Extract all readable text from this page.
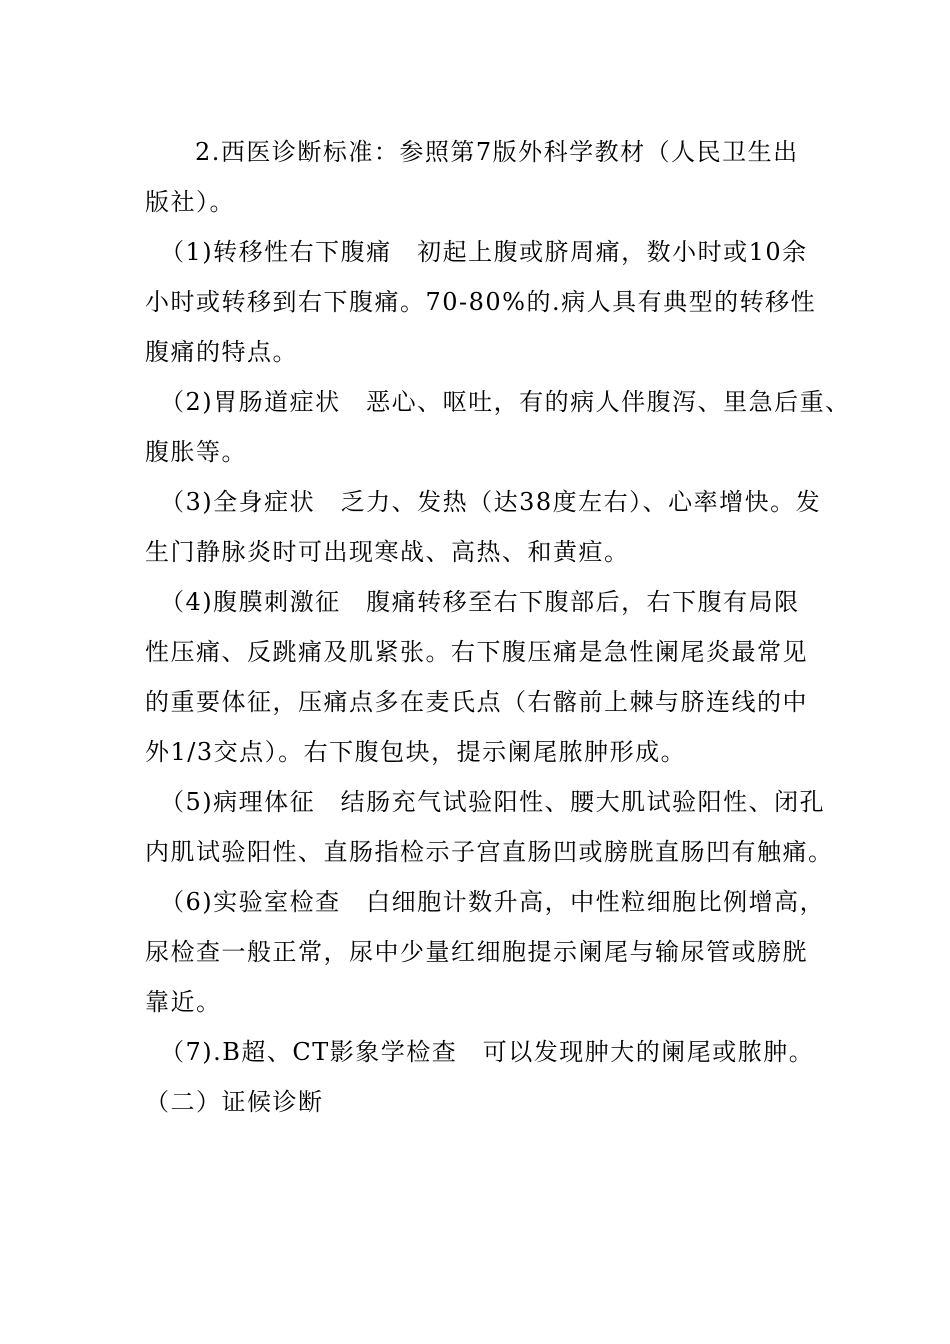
2.西医诊断标准：参照第7版外科学教材（人民卫生出
版社）。
（1)转移性右下腹痛　初起上腹或脐周痛，数小时或10余
小时或转移到右下腹痛。70-80%的.病人具有典型的转移性
腹痛的特点。
（2)胃肠道症状　恶心、呕吐，有的病人伴腹泻、里急后重、
腹胀等。
（3)全身症状　乏力、发热（达38度左右）、心率增快。发
生门静脉炎时可出现寒战、高热、和黄疸。
（4)腹膜刺激征　腹痛转移至右下腹部后，右下腹有局限
性压痛、反跳痛及肌紧张。右下腹压痛是急性阑尾炎最常见
的重要体征，压痛点多在麦氏点（右髂前上棘与脐连线的中
外1/3交点）。右下腹包块，提示阑尾脓肿形成。
（5)病理体征　结肠充气试验阳性、腰大肌试验阳性、闭孔
内肌试验阳性、直肠指检示子宫直肠凹或膀胱直肠凹有触痛。
（6)实验室检查　白细胞计数升高，中性粒细胞比例增高，
尿检查一般正常，尿中少量红细胞提示阑尾与输尿管或膀胱
靠近。
（7).B超、CT影象学检查　可以发现肿大的阑尾或脓肿。
（二）证候诊断
